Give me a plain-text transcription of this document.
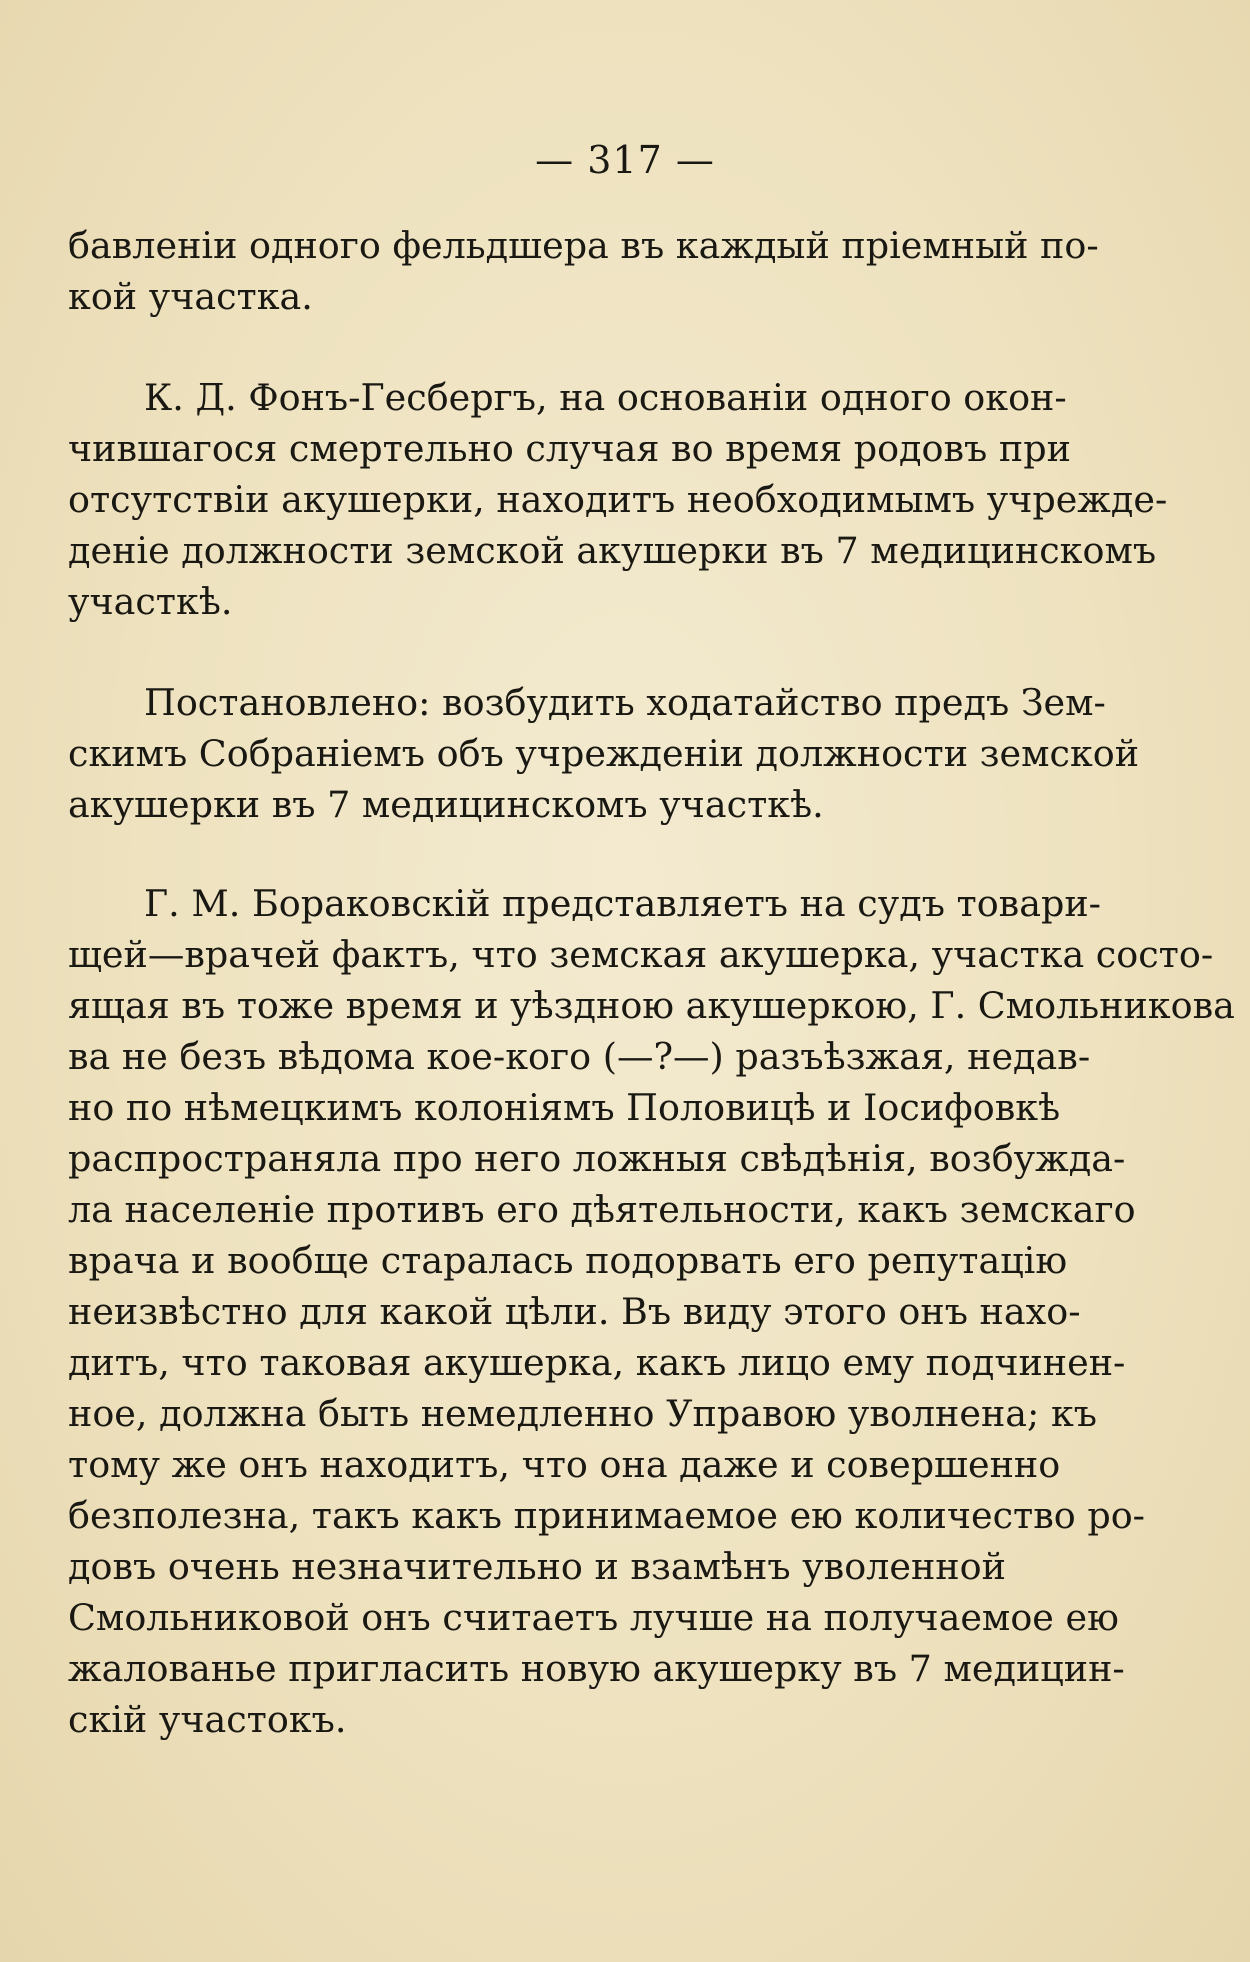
— 317 —
бавленіи одного фельдшера въ каждый пріемный по-
кой участка.
К. Д. Фонъ-Гесбергъ, на основаніи одного окон-
чившагося смертельно случая во время родовъ при
отсутствіи акушерки, находитъ необходимымъ учрежде-
деніе должности земской акушерки въ 7 медицинскомъ
участкѣ.
Постановлено: возбудить ходатайство предъ Зем-
скимъ Собраніемъ объ учрежденіи должности земской
акушерки въ 7 медицинскомъ участкѣ.
Г. М. Бораковскій представляетъ на судъ товари-
щей—врачей фактъ, что земская акушерка, участка состо-
ящая въ тоже время и уѣздною акушеркою, Г. Смольникова
ва не безъ вѣдома кое-кого (—?—) разъѣзжая, недав-
но по нѣмецкимъ колоніямъ Половицѣ и Іосифовкѣ
распространяла про него ложныя свѣдѣнія, возбужда-
ла населеніе противъ его дѣятельности, какъ земскаго
врача и вообще старалась подорвать его репутацію
неизвѣстно для какой цѣли. Въ виду этого онъ нахо-
дитъ, что таковая акушерка, какъ лицо ему подчинен-
ное, должна быть немедленно Управою уволнена; къ
тому же онъ находитъ, что она даже и совершенно
безполезна, такъ какъ принимаемое ею количество ро-
довъ очень незначительно и взамѣнъ уволенной
Смольниковой онъ считаетъ лучше на получаемое ею
жалованье пригласить новую акушерку въ 7 медицин-
скій участокъ.
